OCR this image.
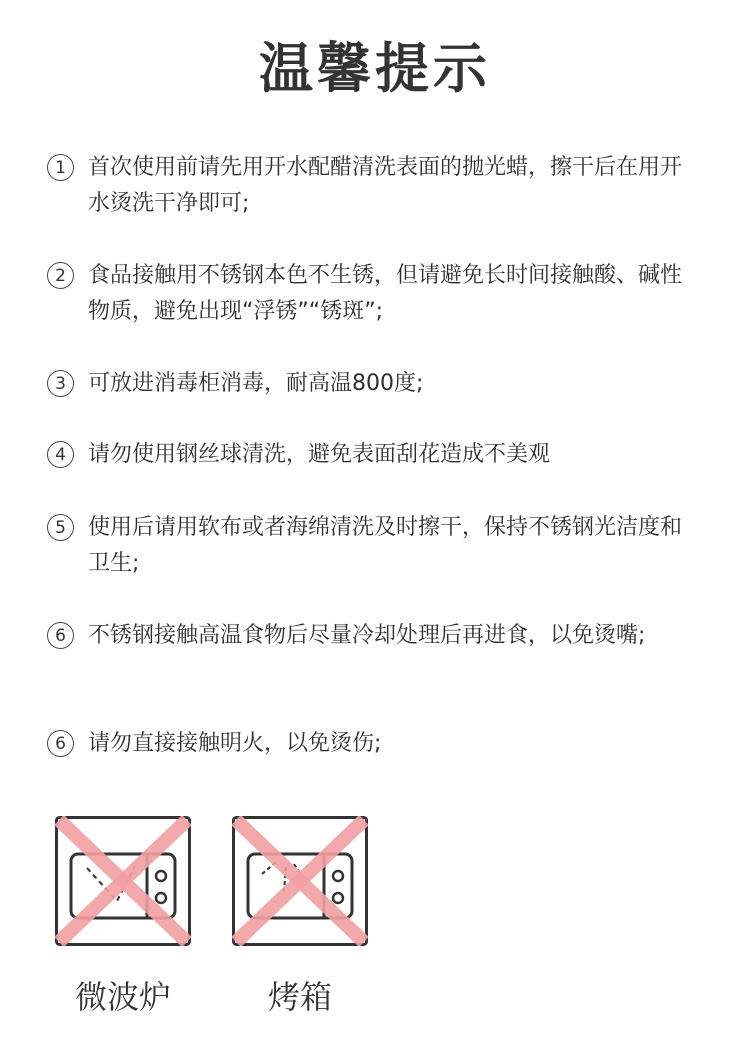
温馨提示
1	首次使用前请先用开水配醋清洗表面的抛光蜡，擦干后在用开水烫洗干净即可;
2	食品接触用不锈钢本色不生锈，但请避免长时间接触酸、碱性物质，避免出现“浮锈”“锈斑”;
3	可放进消毒柜消毒，耐高温800度;
4	请勿使用钢丝球清洗，避免表面刮花造成不美观
5	使用后请用软布或者海绵清洗及时擦干，保持不锈钢光洁度和卫生;
6	不锈钢接触高温食物后尽量冷却处理后再进食，以免烫嘴;
6	请勿直接接触明火，以免烫伤;
微波炉	烤箱
